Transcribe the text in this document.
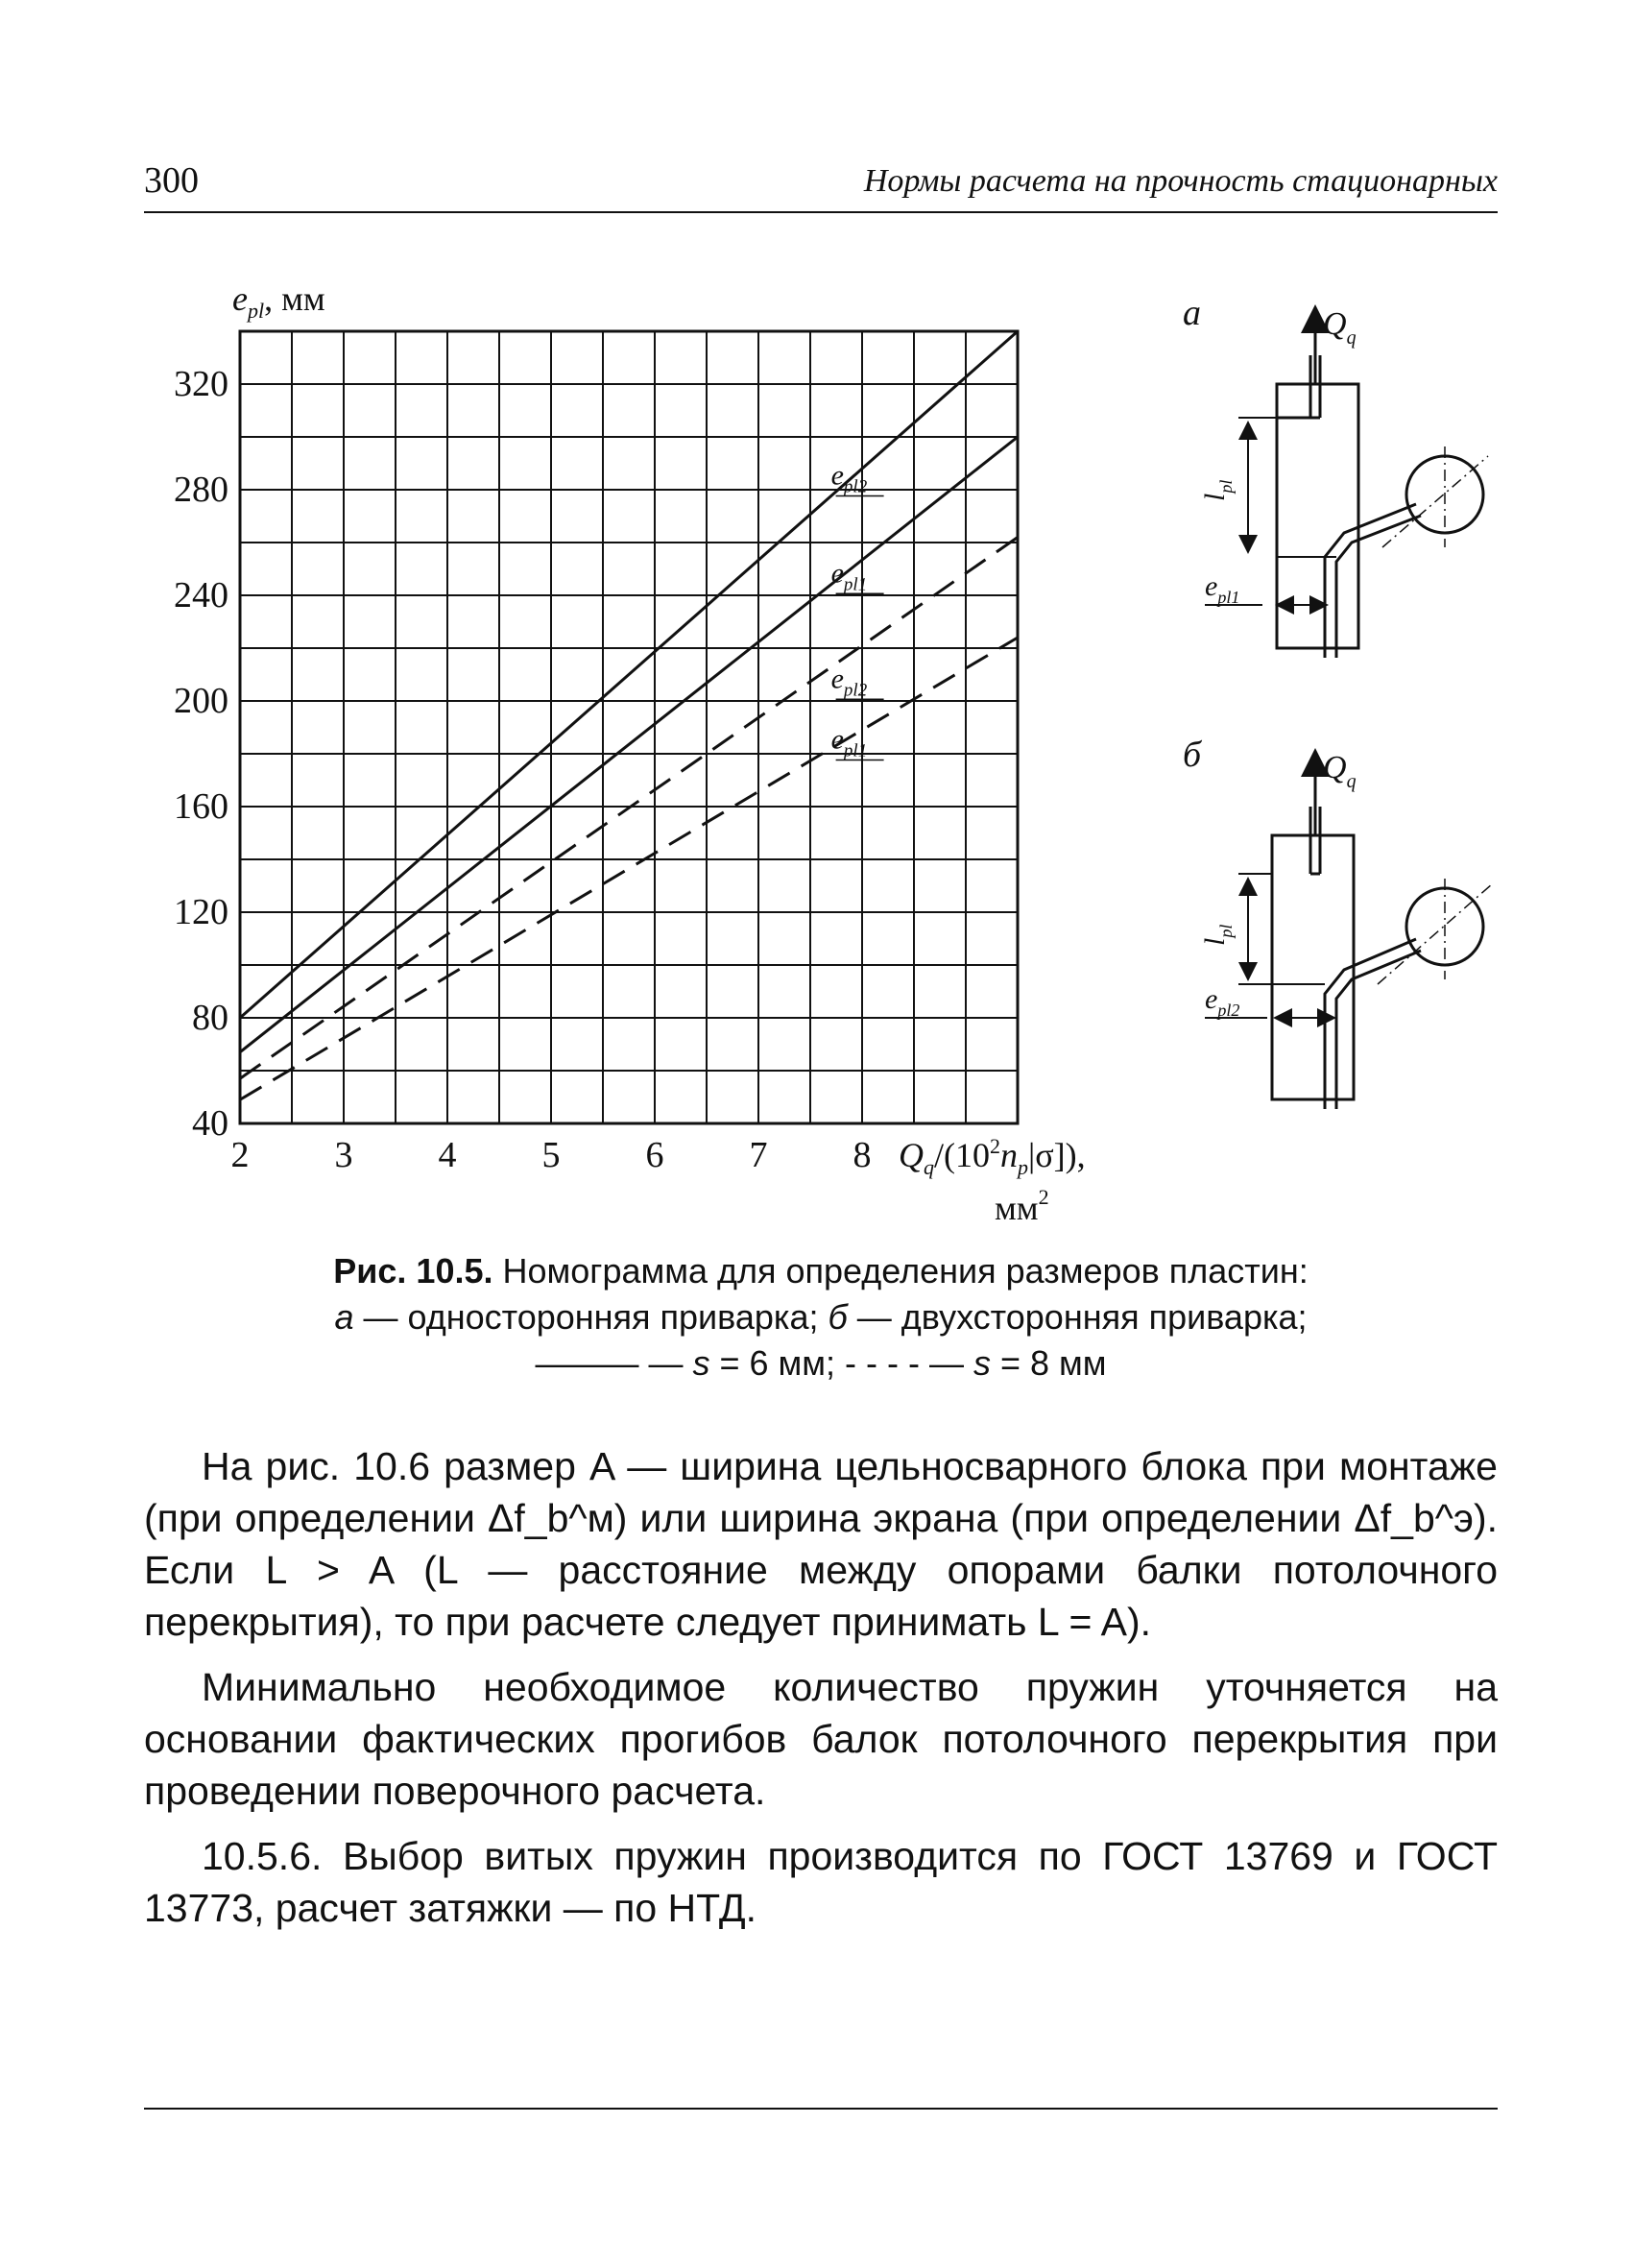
300	Нормы расчета на прочность стационарных
2 3 4 5 6 7 8
40
80
120
160
200
240
280
320
$e_{pl}$, мм
$Q_q/(10^2n_p|\sigma]$),
$мм^2$
$e_{pl2}$
$e_{pl1}$
$e_{pl2}$
$e_{pl1}$
а	$Q_q$
$l_{pl}$
$e_{pl1}$
б	$Q_q$
$l_{pl}$
$e_{pl2}$
Рис. 10.5. Номограмма для определения размеров пластин:
а — односторонняя приварка; б — двухсторонняя приварка;
——— — s = 6 мм; - - - - — s = 8 мм

На рис. 10.6 размер A — ширина цельносварного блока при монтаже (при определении Δf_b^м) или ширина экрана (при определении Δf_b^э). Если L > A (L — расстояние между опорами балки потолочного перекрытия), то при расчете следует принимать L = A).

Минимально необходимое количество пружин уточняется на основании фактических прогибов балок потолочного перекрытия при проведении поверочного расчета.

10.5.6. Выбор витых пружин производится по ГОСТ 13769 и ГОСТ 13773, расчет затяжки — по НТД.
